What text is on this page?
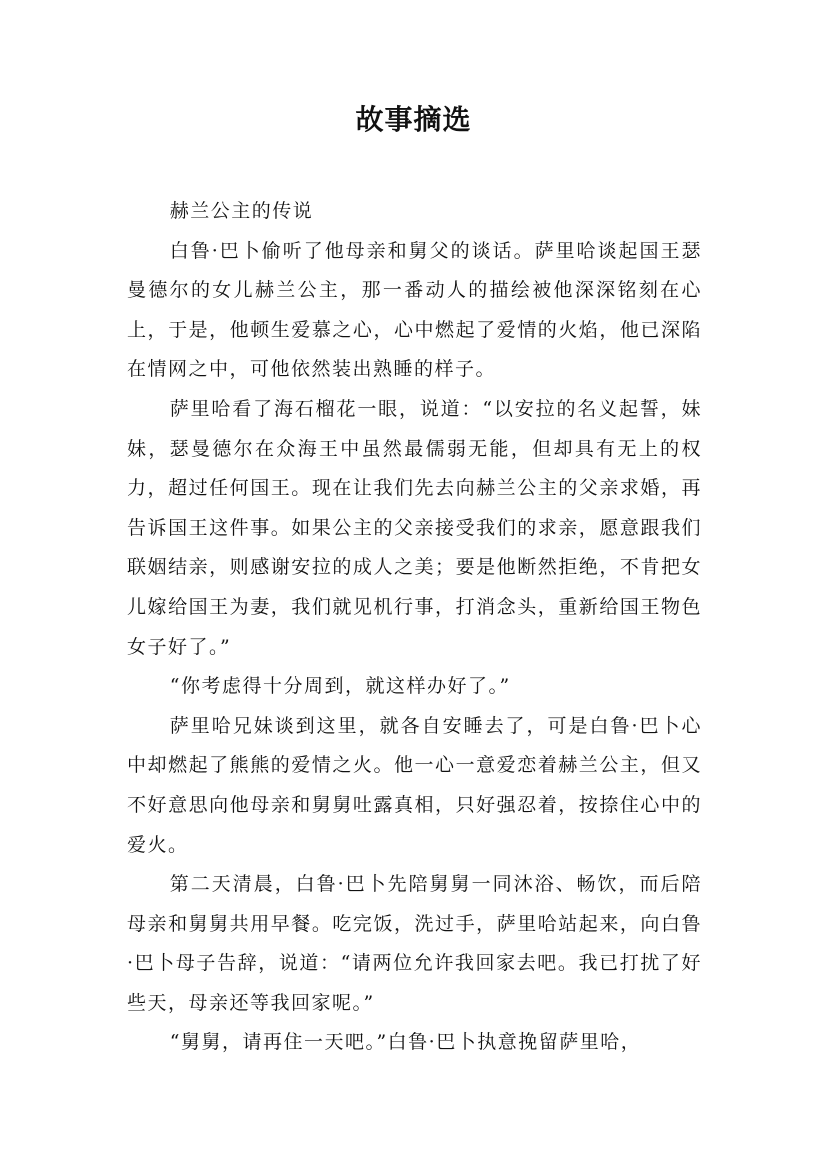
故事摘选

赫兰公主的传说

白鲁·巴卜偷听了他母亲和舅父的谈话。萨里哈谈起国王瑟曼德尔的女儿赫兰公主，那一番动人的描绘被他深深铭刻在心上，于是，他顿生爱慕之心，心中燃起了爱情的火焰，他已深陷在情网之中，可他依然装出熟睡的样子。

萨里哈看了海石榴花一眼，说道：“以安拉的名义起誓，妹妹，瑟曼德尔在众海王中虽然最儒弱无能，但却具有无上的权力，超过任何国王。现在让我们先去向赫兰公主的父亲求婚，再告诉国王这件事。如果公主的父亲接受我们的求亲，愿意跟我们联姻结亲，则感谢安拉的成人之美；要是他断然拒绝，不肯把女儿嫁给国王为妻，我们就见机行事，打消念头，重新给国王物色女子好了。”

“你考虑得十分周到，就这样办好了。”

萨里哈兄妹谈到这里，就各自安睡去了，可是白鲁·巴卜心中却燃起了熊熊的爱情之火。他一心一意爱恋着赫兰公主，但又不好意思向他母亲和舅舅吐露真相，只好强忍着，按捺住心中的爱火。

第二天清晨，白鲁·巴卜先陪舅舅一同沐浴、畅饮，而后陪母亲和舅舅共用早餐。吃完饭，洗过手，萨里哈站起来，向白鲁·巴卜母子告辞，说道：“请两位允许我回家去吧。我已打扰了好些天，母亲还等我回家呢。”

“舅舅，请再住一天吧。”白鲁·巴卜执意挽留萨里哈，
